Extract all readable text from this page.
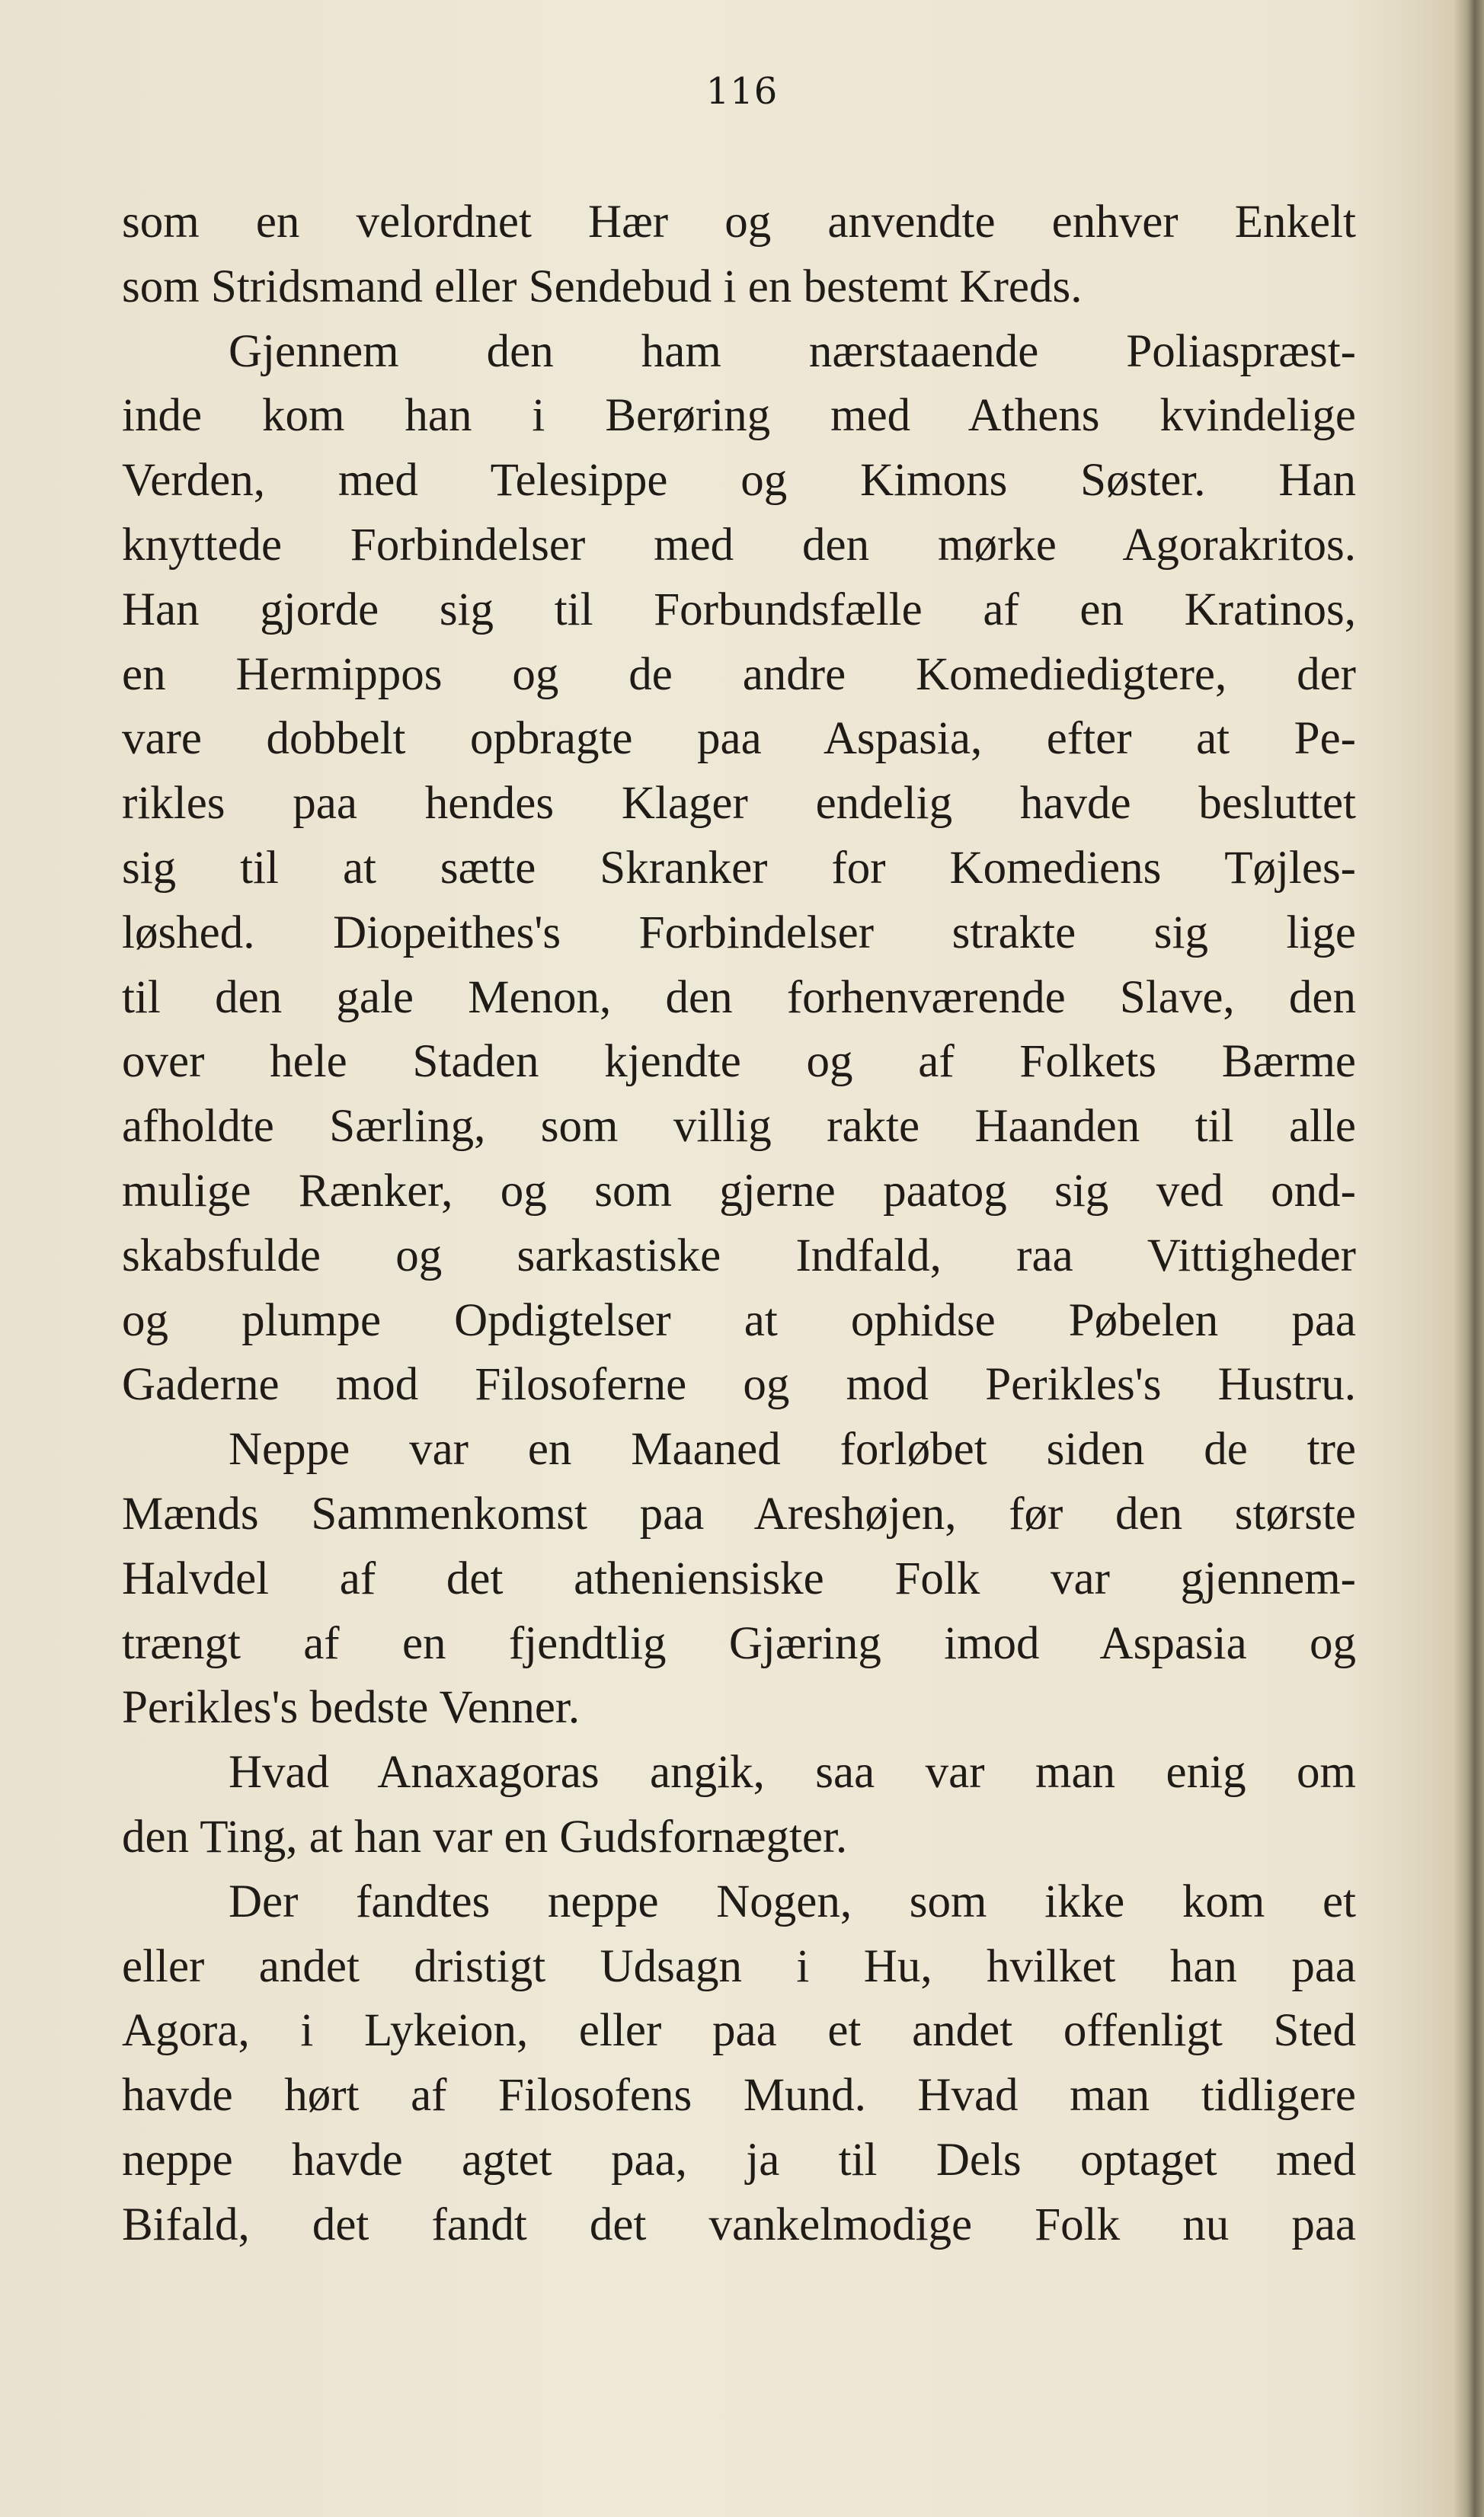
116
som en velordnet Hær og anvendte enhver Enkelt
som Stridsmand eller Sendebud i en bestemt Kreds.
Gjennem den ham nærstaaende Poliaspræst-
inde kom han i Berøring med Athens kvindelige
Verden, med Telesippe og Kimons Søster. Han
knyttede Forbindelser med den mørke Agorakritos.
Han gjorde sig til Forbundsfælle af en Kratinos,
en Hermippos og de andre Komediedigtere, der
vare dobbelt opbragte paa Aspasia, efter at Pe-
rikles paa hendes Klager endelig havde besluttet
sig til at sætte Skranker for Komediens Tøjles-
løshed. Diopeithes's Forbindelser strakte sig lige
til den gale Menon, den forhenværende Slave, den
over hele Staden kjendte og af Folkets Bærme
afholdte Særling, som villig rakte Haanden til alle
mulige Rænker, og som gjerne paatog sig ved ond-
skabsfulde og sarkastiske Indfald, raa Vittigheder
og plumpe Opdigtelser at ophidse Pøbelen paa
Gaderne mod Filosoferne og mod Perikles's Hustru.
Neppe var en Maaned forløbet siden de tre
Mænds Sammenkomst paa Areshøjen, før den største
Halvdel af det atheniensiske Folk var gjennem-
trængt af en fjendtlig Gjæring imod Aspasia og
Perikles's bedste Venner.
Hvad Anaxagoras angik, saa var man enig om
den Ting, at han var en Gudsfornægter.
Der fandtes neppe Nogen, som ikke kom et
eller andet dristigt Udsagn i Hu, hvilket han paa
Agora, i Lykeion, eller paa et andet offenligt Sted
havde hørt af Filosofens Mund. Hvad man tidligere
neppe havde agtet paa, ja til Dels optaget med
Bifald, det fandt det vankelmodige Folk nu paa
